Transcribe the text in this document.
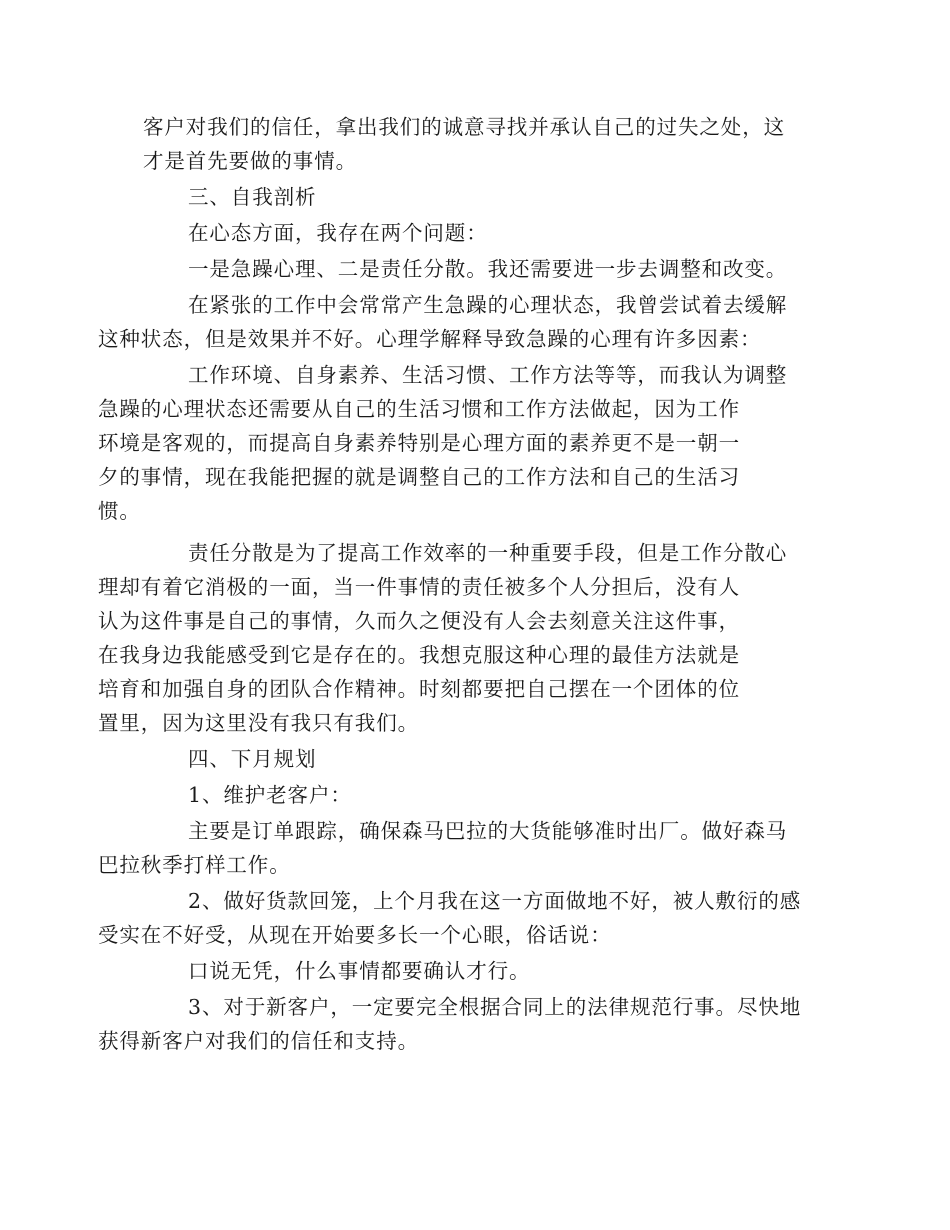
客户对我们的信任，拿出我们的诚意寻找并承认自己的过失之处，这
才是首先要做的事情。

三、自我剖析

在心态方面，我存在两个问题：

一是急躁心理、二是责任分散。我还需要进一步去调整和改变。

在紧张的工作中会常常产生急躁的心理状态，我曾尝试着去缓解
这种状态，但是效果并不好。心理学解释导致急躁的心理有许多因素：

工作环境、自身素养、生活习惯、工作方法等等，而我认为调整
急躁的心理状态还需要从自己的生活习惯和工作方法做起，因为工作
环境是客观的，而提高自身素养特别是心理方面的素养更不是一朝一
夕的事情，现在我能把握的就是调整自己的工作方法和自己的生活习
惯。

责任分散是为了提高工作效率的一种重要手段，但是工作分散心
理却有着它消极的一面，当一件事情的责任被多个人分担后，没有人
认为这件事是自己的事情，久而久之便没有人会去刻意关注这件事，
在我身边我能感受到它是存在的。我想克服这种心理的最佳方法就是
培育和加强自身的团队合作精神。时刻都要把自己摆在一个团体的位
置里，因为这里没有我只有我们。

四、下月规划

1、维护老客户：

主要是订单跟踪，确保森马巴拉的大货能够准时出厂。做好森马
巴拉秋季打样工作。

2、做好货款回笼，上个月我在这一方面做地不好，被人敷衍的感
受实在不好受，从现在开始要多长一个心眼，俗话说：

口说无凭，什么事情都要确认才行。

3、对于新客户，一定要完全根据合同上的法律规范行事。尽快地
获得新客户对我们的信任和支持。
